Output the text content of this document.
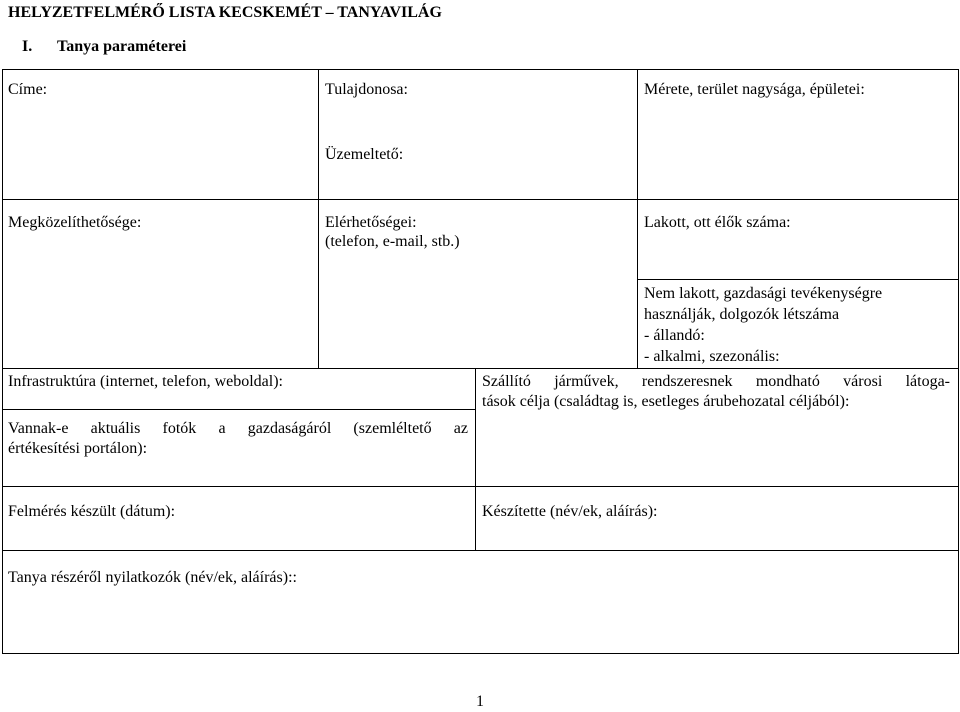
HELYZETFELMÉRŐ LISTA KECSKEMÉT – TANYAVILÁG
I. Tanya paraméterei
Címe:	Tulajdonosa:	Mérete, terület nagysága, épületei:
Üzemeltető:
Megközelíthetősége:	Elérhetőségei:
(telefon, e-mail, stb.)
Lakott, ott élők száma:
Nem lakott, gazdasági tevékenységre
használják, dolgozók létszáma
- állandó:
- alkalmi, szezonális:
Infrastruktúra (internet, telefon, weboldal):	Szállító járművek, rendszeresnek mondható városi látoga-
tások célja (családtag is, esetleges árubehozatal céljából):
Vannak-e aktuális fotók a gazdaságáról (szemléltető az
értékesítési portálon):
Felmérés készült (dátum):	Készítette (név/ek, aláírás):
Tanya részéről nyilatkozók (név/ek, aláírás)::
1
